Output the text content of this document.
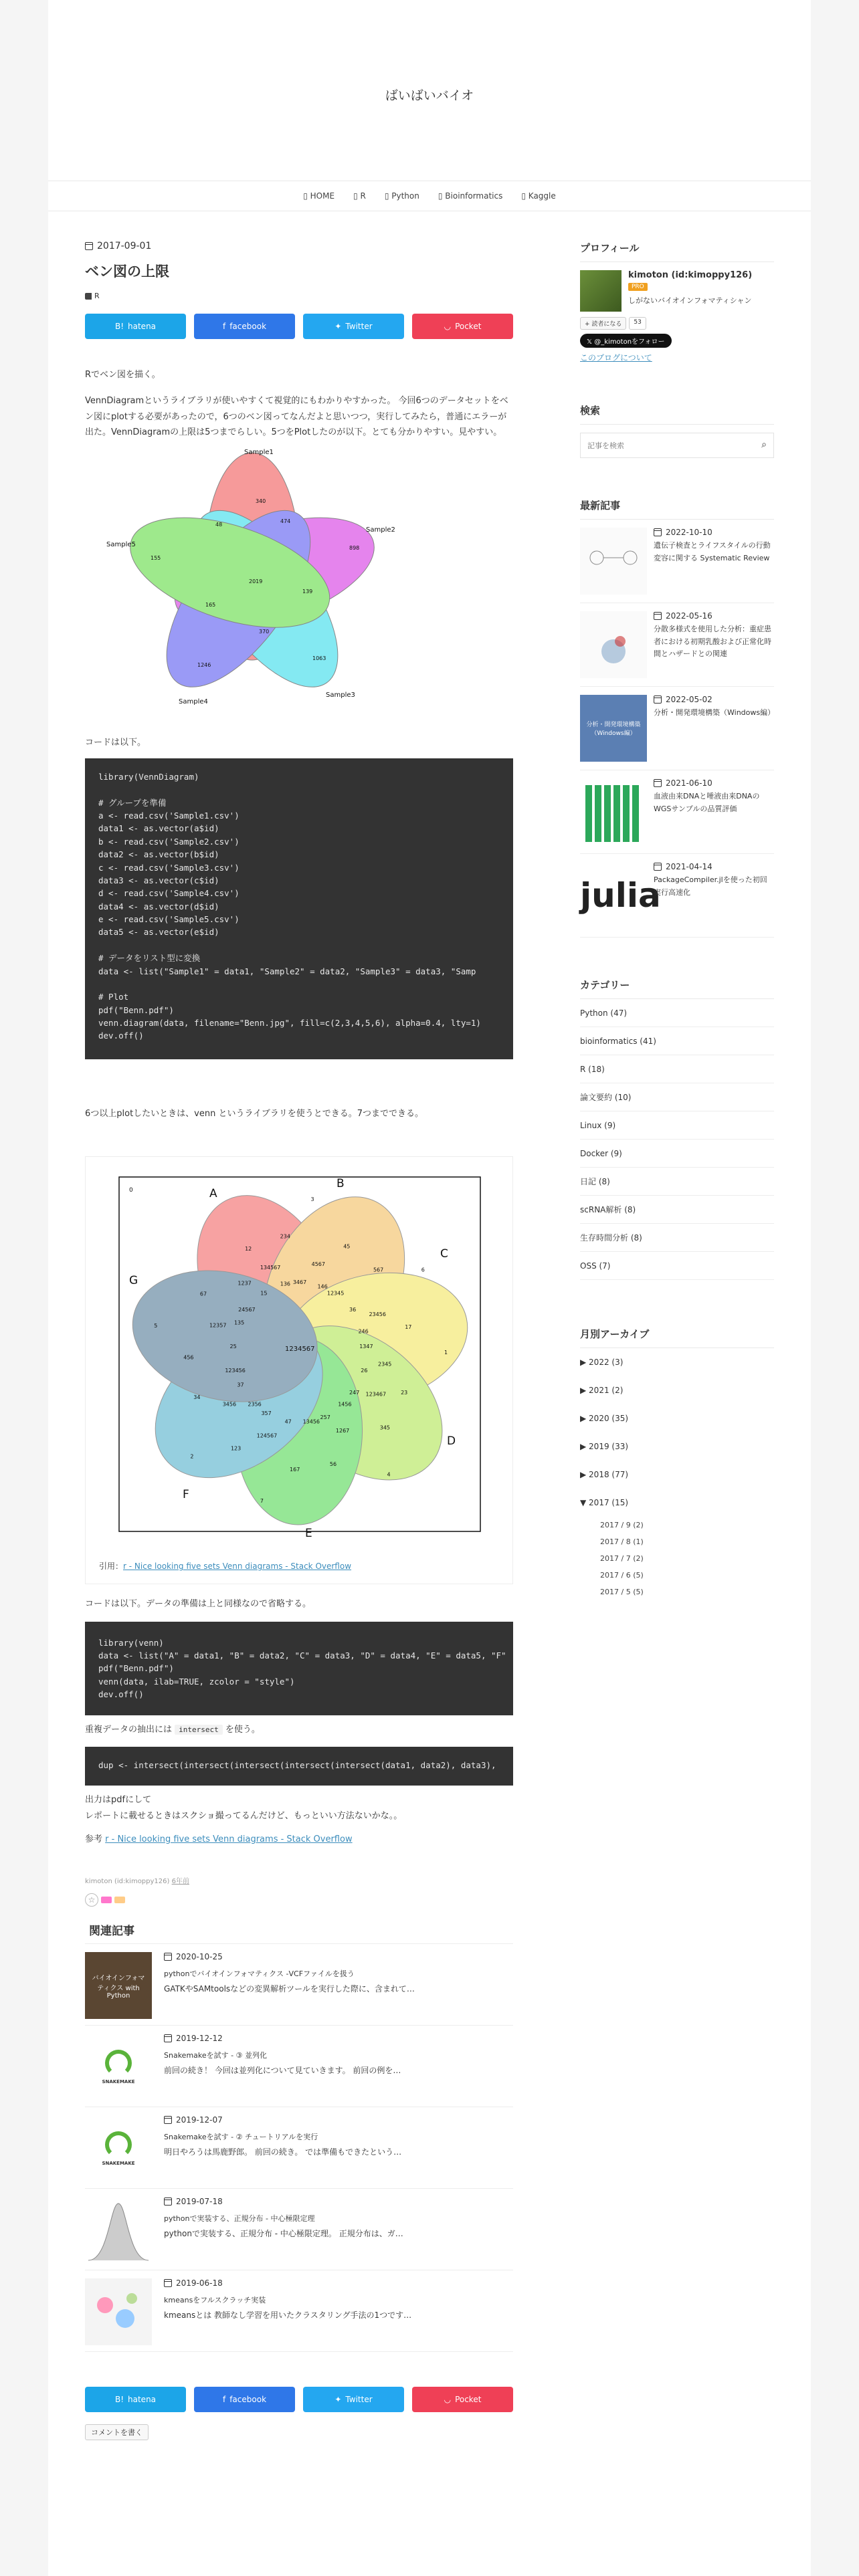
ばいばいバイオ
▯ HOME ▯ R ▯ Python ▯ Bioinformatics ▯ Kaggle
2017-09-01
ベン図の上限
R
B! hatena	f facebook	✦ Twitter	◡ Pocket
Rでベン図を描く。
VennDiagramというライブラリが使いやすくて視覚的にもわかりやすかった。 今回6つのデータセットをベン図にplotする必要があったので，6つのベン図ってなんだよと思いつつ，実行してみたら，普通にエラーが出た。VennDiagramの上限は5つまでらしい。5つをPlotしたのが以下。とても分かりやすい。見やすい。
Sample1
Sample2
Sample3
Sample4
Sample5
340
898
1063
1246
155
2019
474
139
370
165
48
コードは以下。
library(VennDiagram)

# グループを準備
a <- read.csv('Sample1.csv')
data1 <- as.vector(a$id)
b <- read.csv('Sample2.csv')
data2 <- as.vector(b$id)
c <- read.csv('Sample3.csv')
data3 <- as.vector(c$id)
d <- read.csv('Sample4.csv')
data4 <- as.vector(d$id)
e <- read.csv('Sample5.csv')
data5 <- as.vector(e$id)

# データをリスト型に変換
data <- list("Sample1" = data1, "Sample2" = data2, "Sample3" = data3, "Samp

# Plot
pdf("Benn.pdf")
venn.diagram(data, filename="Benn.jpg", fill=c(2,3,4,5,6), alpha=0.4, lty=1)
dev.off()
6つ以上plotしたいときは、venn というライブラリを使うとできる。7つまでできる。
A
B
C
D
E
F
G
0
1234567	1
2
3
4
5
6
7
12
23
34
45
56
67
17
123
234
345
456
567
167
1237
2345
3456
4567
1267
12357
23456
124567
134567
123467
123456
12345
13456
24567
1347
2356
3467
1456
25
36
47
15
26
37
146
257
135
246
357
136
247
引用：r - Nice looking five sets Venn diagrams - Stack Overflow
コードは以下。データの準備は上と同様なので省略する。
library(venn)
data <- list("A" = data1, "B" = data2, "C" = data3, "D" = data4, "E" = data5, "F"
pdf("Benn.pdf")
venn(data, ilab=TRUE, zcolor = "style")
dev.off()
重複データの抽出には intersect を使う。
dup <- intersect(intersect(intersect(intersect(intersect(data1, data2), data3),
出力はpdfにして
レポートに載せるときはスクショ撮ってるんだけど、もっといい方法ないかな。。
参考 r - Nice looking five sets Venn diagrams - Stack Overflow
kimoton (id:kimoppy126) 6年前
☆
関連記事
バイオインフォマティクス with Python
2020-10-25
pythonでバイオインフォマティクス -VCFファイルを扱う
GATKやSAMtoolsなどの変異解析ツールを実行した際に、含まれて…
SNAKEMAKE
2019-12-12
Snakemakeを試す - ③ 並列化
前回の続き！ 今回は並列化について見ていきます。 前回の例を…
SNAKEMAKE
2019-12-07
Snakemakeを試す - ② チュートリアルを実行
明日やろうは馬鹿野郎。 前回の続き。 では準備もできたという…
2019-07-18
pythonで実装する、正規分布 - 中心極限定理
pythonで実装する、正規分布 - 中心極限定理。 正規分布は、ガ…
2019-06-18
kmeansをフルスクラッチ実装
kmeansとは 教師なし学習を用いたクラスタリング手法の1つです…
B! hatena	f facebook	✦ Twitter	◡ Pocket
コメントを書く
プロフィール
kimoton (id:kimoppy126)
PRO
しがないバイオインフォマティシャン
+ 読者になる	53
𝕏 @_kimotonをフォロー
このブログについて
検索
記事を検索
⌕
最新記事
2022-10-10
遺伝子検査とライフスタイルの行動変容に関する Systematic Review
2022-05-16
分散多様式を使用した分析：重症患者における初期乳酸および正常化時間とハザードとの関連
分析・開発環境構築（Windows編）
2022-05-02
分析・開発環境構築（Windows編）
2021-06-10
血液由来DNAと唾液由来DNAのWGSサンプルの品質評価
julia
2021-04-14
PackageCompiler.jlを使った初回実行高速化
カテゴリー
Python (47)
bioinformatics (41)
R (18)
論文要約 (10)
Linux (9)
Docker (9)
日記 (8)
scRNA解析 (8)
生存時間分析 (8)
OSS (7)
月別アーカイブ
▶ 2022 (3)
▶ 2021 (2)
▶ 2020 (35)
▶ 2019 (33)
▶ 2018 (77)
▼ 2017 (15)
2017 / 9 (2)
2017 / 8 (1)
2017 / 7 (2)
2017 / 6 (5)
2017 / 5 (5)
